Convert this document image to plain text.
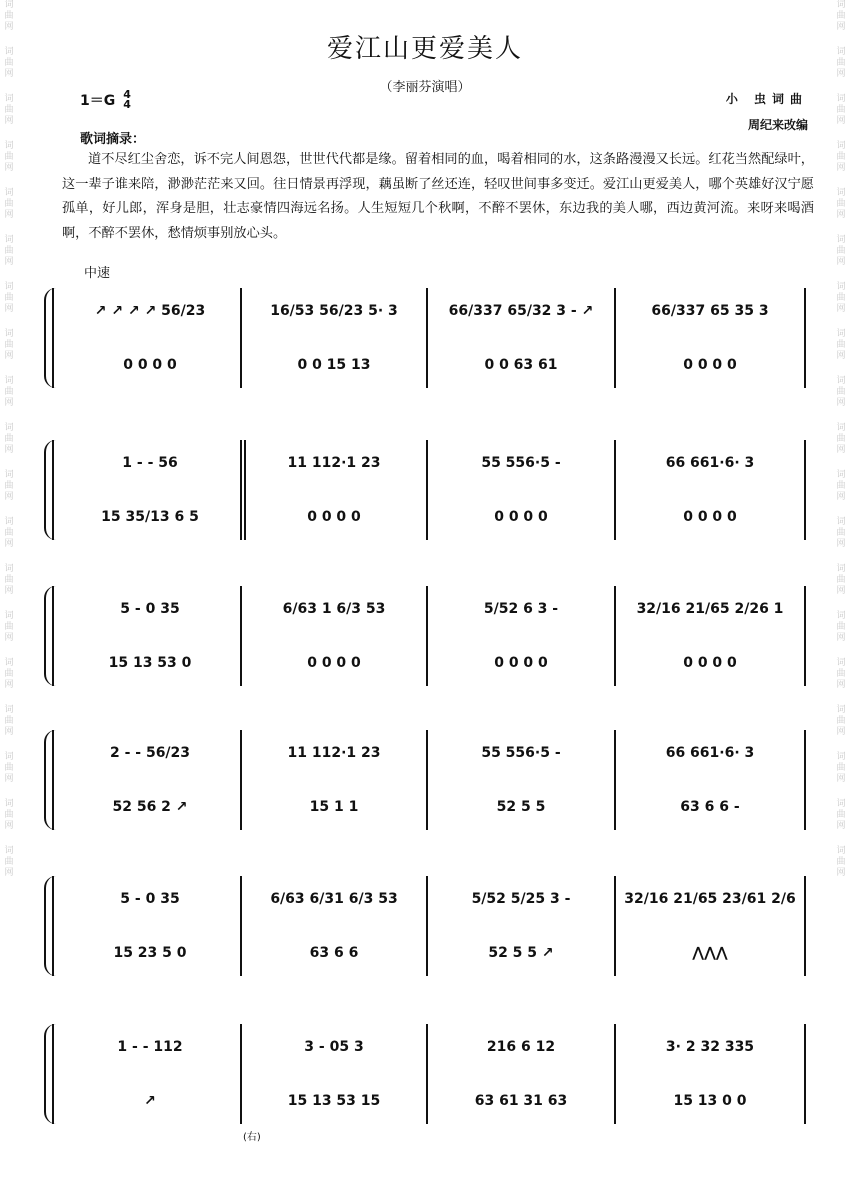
词
曲
网
词
曲
网
词
曲
网
词
曲
网
词
曲
网
词
曲
网
词
曲
网
词
曲
网
词
曲
网
词
曲
网
词
曲
网
词
曲
网
词
曲
网
词
曲
网
词
曲
网
词
曲
网
词
曲
网
词
曲
网
词
曲
网
词
曲
网
词
曲
网
词
曲
网
词
曲
网
词
曲
网
词
曲
网
词
曲
网
词
曲
网
词
曲
网
词
曲
网
词
曲
网
词
曲
网
词
曲
网
词
曲
网
词
曲
网
词
曲
网
词
曲
网
词
曲
网
词
曲
网
爱江山更爱美人
（李丽芬演唱）
1＝G 4
4	小 虫词曲
周纪来改编
歌词摘录：
道不尽红尘舍恋，诉不完人间恩怨，世世代代都是缘。留着相同的血，喝着相同的水，这条路漫漫又长远。红花当然配绿叶，这一辈子谁来陪，渺渺茫茫来又回。往日情景再浮现，藕虽断了丝还连，轻叹世间事多变迁。爱江山更爱美人，哪个英雄好汉宁愿孤单，好儿郎，浑身是胆，壮志豪情四海远名扬。人生短短几个秋啊，不醉不罢休，东边我的美人哪，西边黄河流。来呀来喝酒啊，不醉不罢休，愁情烦事别放心头。
中速
↗ ↗ ↗ ↗ 56/23
0 0 0 0
16/53 56/23 5· 3
0 0 15 13
66/337 65/32 3 - ↗
0 0 63 61
66/337 65 35 3
0 0 0 0
1 - - 56
15 35/13 6 5
11 112·1 23
0 0 0 0
55 556·5 -
0 0 0 0
66 661·6· 3
0 0 0 0
5 - 0 35
15 13 53 0
6/63 1 6/3 53
0 0 0 0
5/52 6 3 -
0 0 0 0
32/16 21/65 2/26 1
0 0 0 0
2 - - 56/23
52 56 2 ↗
11 112·1 23
15 1 1
55 556·5 -
52 5 5
66 661·6· 3
63 6 6 -
5 - 0 35
15 23 5 0
6/63 6/31 6/3 53
63 6 6
5/52 5/25 3 -
52 5 5 ↗
32/16 21/65 23/61 2/6
⋀⋀⋀
1 - - 112
↗
3 - 05 3
15 13 53 15
216 6 12
63 61 31 63
3· 2 32 335
15 13 0 0
(右)
